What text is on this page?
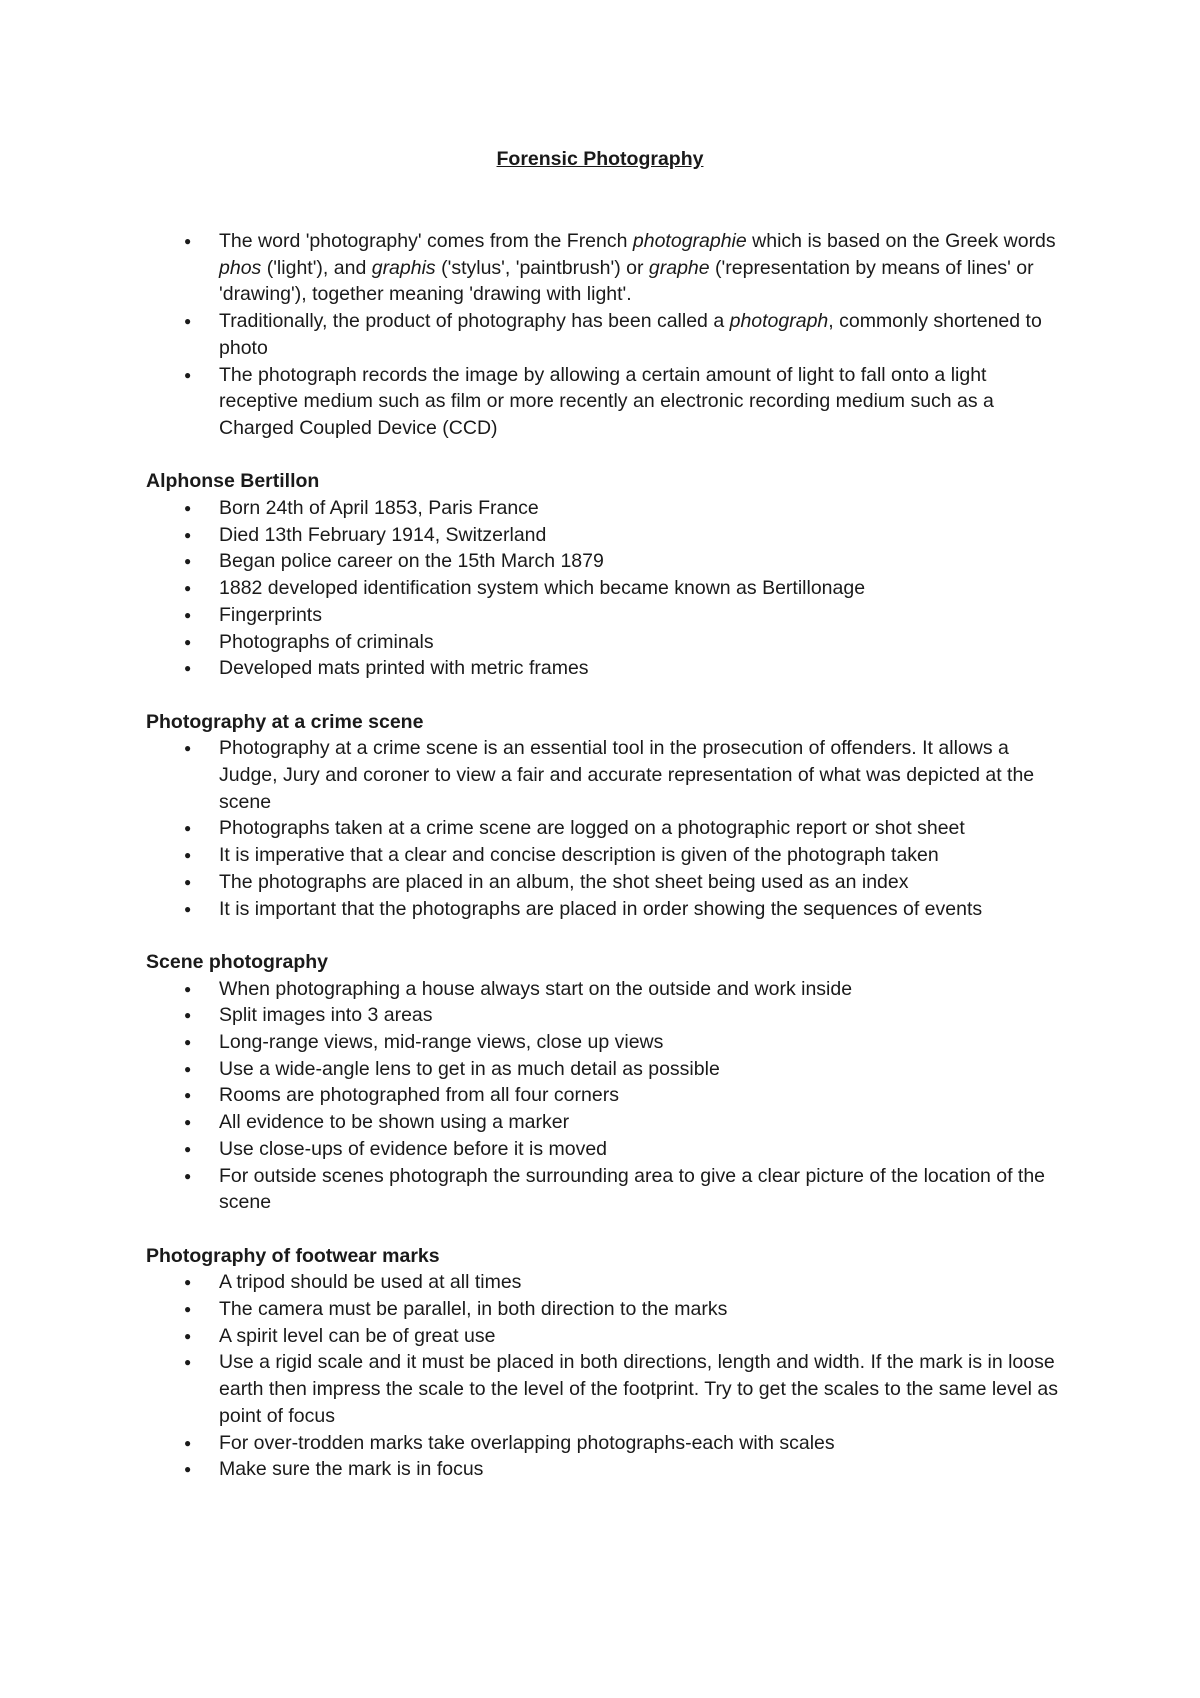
Forensic Photography
● The word 'photography' comes from the French photographie which is based on the Greek words phos ('light'), and graphis ('stylus', 'paintbrush') or graphe ('representation by means of lines' or 'drawing'), together meaning 'drawing with light'.
● Traditionally, the product of photography has been called a photograph, commonly shortened to photo
● The photograph records the image by allowing a certain amount of light to fall onto a light receptive medium such as film or more recently an electronic recording medium such as a Charged Coupled Device (CCD)

Alphonse Bertillon

● Born 24th of April 1853, Paris France
● Died 13th February 1914, Switzerland
● Began police career on the 15th March 1879
● 1882 developed identification system which became known as Bertillonage
● Fingerprints
● Photographs of criminals
● Developed mats printed with metric frames

Photography at a crime scene

● Photography at a crime scene is an essential tool in the prosecution of offenders. It allows a Judge, Jury and coroner to view a fair and accurate representation of what was depicted at the scene
● Photographs taken at a crime scene are logged on a photographic report or shot sheet
● It is imperative that a clear and concise description is given of the photograph taken
● The photographs are placed in an album, the shot sheet being used as an index
● It is important that the photographs are placed in order showing the sequences of events

Scene photography

● When photographing a house always start on the outside and work inside
● Split images into 3 areas
● Long-range views, mid-range views, close up views
● Use a wide-angle lens to get in as much detail as possible
● Rooms are photographed from all four corners
● All evidence to be shown using a marker
● Use close-ups of evidence before it is moved
● For outside scenes photograph the surrounding area to give a clear picture of the location of the scene

Photography of footwear marks

● A tripod should be used at all times
● The camera must be parallel, in both direction to the marks
● A spirit level can be of great use
● Use a rigid scale and it must be placed in both directions, length and width. If the mark is in loose earth then impress the scale to the level of the footprint. Try to get the scales to the same level as point of focus
● For over-trodden marks take overlapping photographs-each with scales
● Make sure the mark is in focus
